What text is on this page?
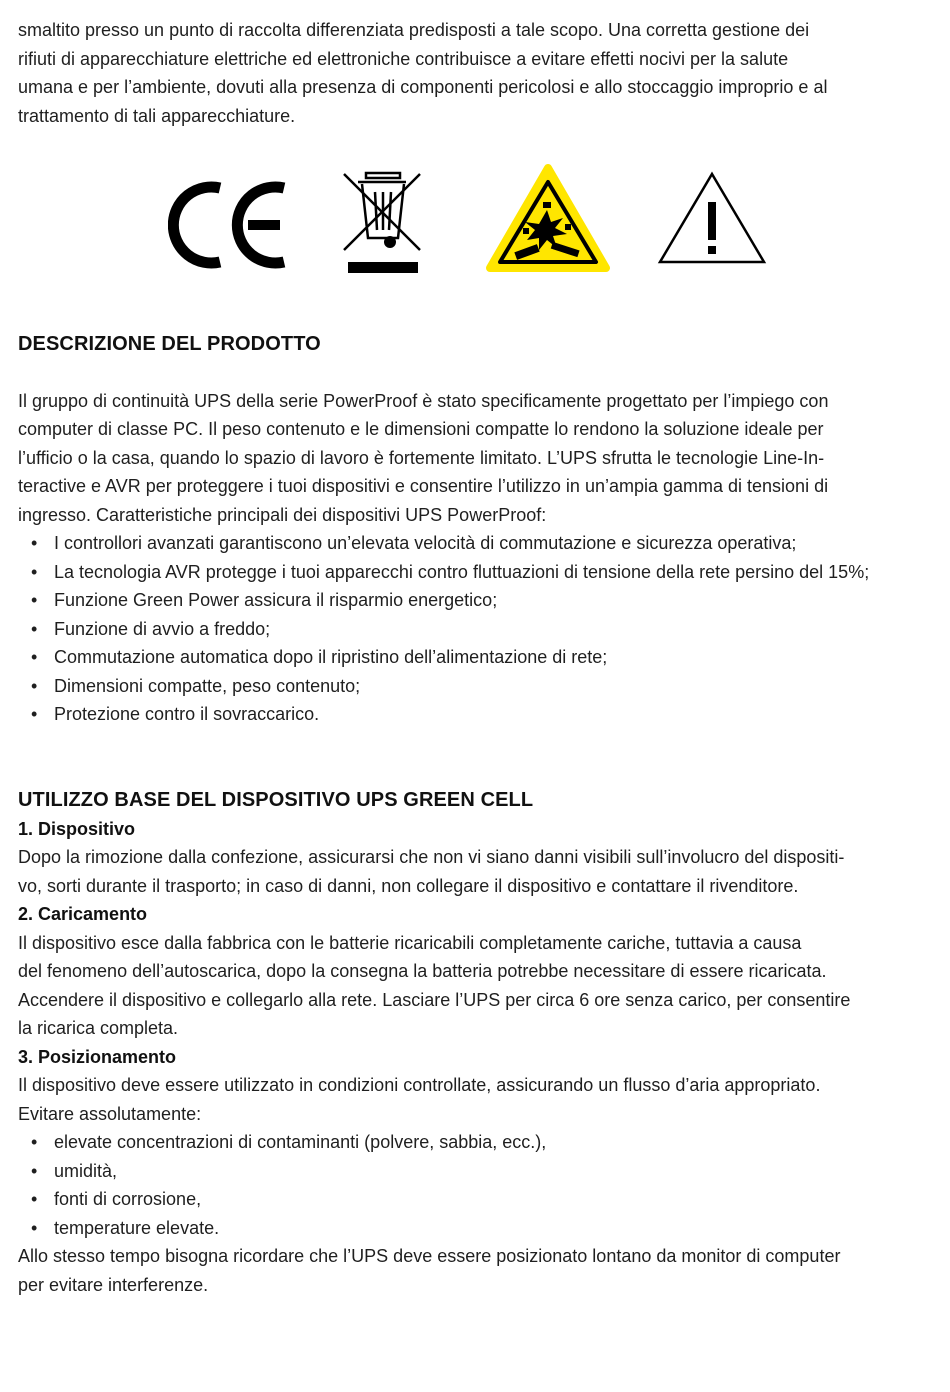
smaltito presso un punto di raccolta differenziata predisposti a tale scopo. Una corretta gestione dei

rifiuti di apparecchiature elettriche ed elettroniche contribuisce a evitare effetti nocivi per la salute

umana e per l’ambiente, dovuti alla presenza di componenti pericolosi e allo stoccaggio improprio e al

trattamento di tali apparecchiature.

DESCRIZIONE DEL PRODOTTO

Il gruppo di continuità UPS della serie PowerProof è stato specificamente progettato per l’impiego con

computer di classe PC. Il peso contenuto e le dimensioni compatte lo rendono la soluzione ideale per

l’ufficio o la casa, quando lo spazio di lavoro è fortemente limitato. L’UPS sfrutta le tecnologie Line-In-

teractive e AVR per proteggere i tuoi dispositivi e consentire l’utilizzo in un’ampia gamma di tensioni di

ingresso. Caratteristiche principali dei dispositivi UPS PowerProof:

• I controllori avanzati garantiscono un’elevata velocità di commutazione e sicurezza operativa;
• La tecnologia AVR protegge i tuoi apparecchi contro fluttuazioni di tensione della rete persino del 15%;
• Funzione Green Power assicura il risparmio energetico;
• Funzione di avvio a freddo;
• Commutazione automatica dopo il ripristino dell’alimentazione di rete;
• Dimensioni compatte, peso contenuto;
• Protezione contro il sovraccarico.
UTILIZZO BASE DEL DISPOSITIVO UPS GREEN CELL
1. Dispositivo

Dopo la rimozione dalla confezione, assicurarsi che non vi siano danni visibili sull’involucro del dispositi-

vo, sorti durante il trasporto; in caso di danni, non collegare il dispositivo e contattare il rivenditore.

2. Caricamento

Il dispositivo esce dalla fabbrica con le batterie ricaricabili completamente cariche, tuttavia a causa

del fenomeno dell’autoscarica, dopo la consegna la batteria potrebbe necessitare di essere ricaricata.

Accendere il dispositivo e collegarlo alla rete. Lasciare l’UPS per circa 6 ore senza carico, per consentire

la ricarica completa.

3. Posizionamento

Il dispositivo deve essere utilizzato in condizioni controllate, assicurando un flusso d’aria appropriato.

Evitare assolutamente:

• elevate concentrazioni di contaminanti (polvere, sabbia, ecc.),
• umidità,
• fonti di corrosione,
• temperature elevate.

Allo stesso tempo bisogna ricordare che l’UPS deve essere posizionato lontano da monitor di computer

per evitare interferenze.
